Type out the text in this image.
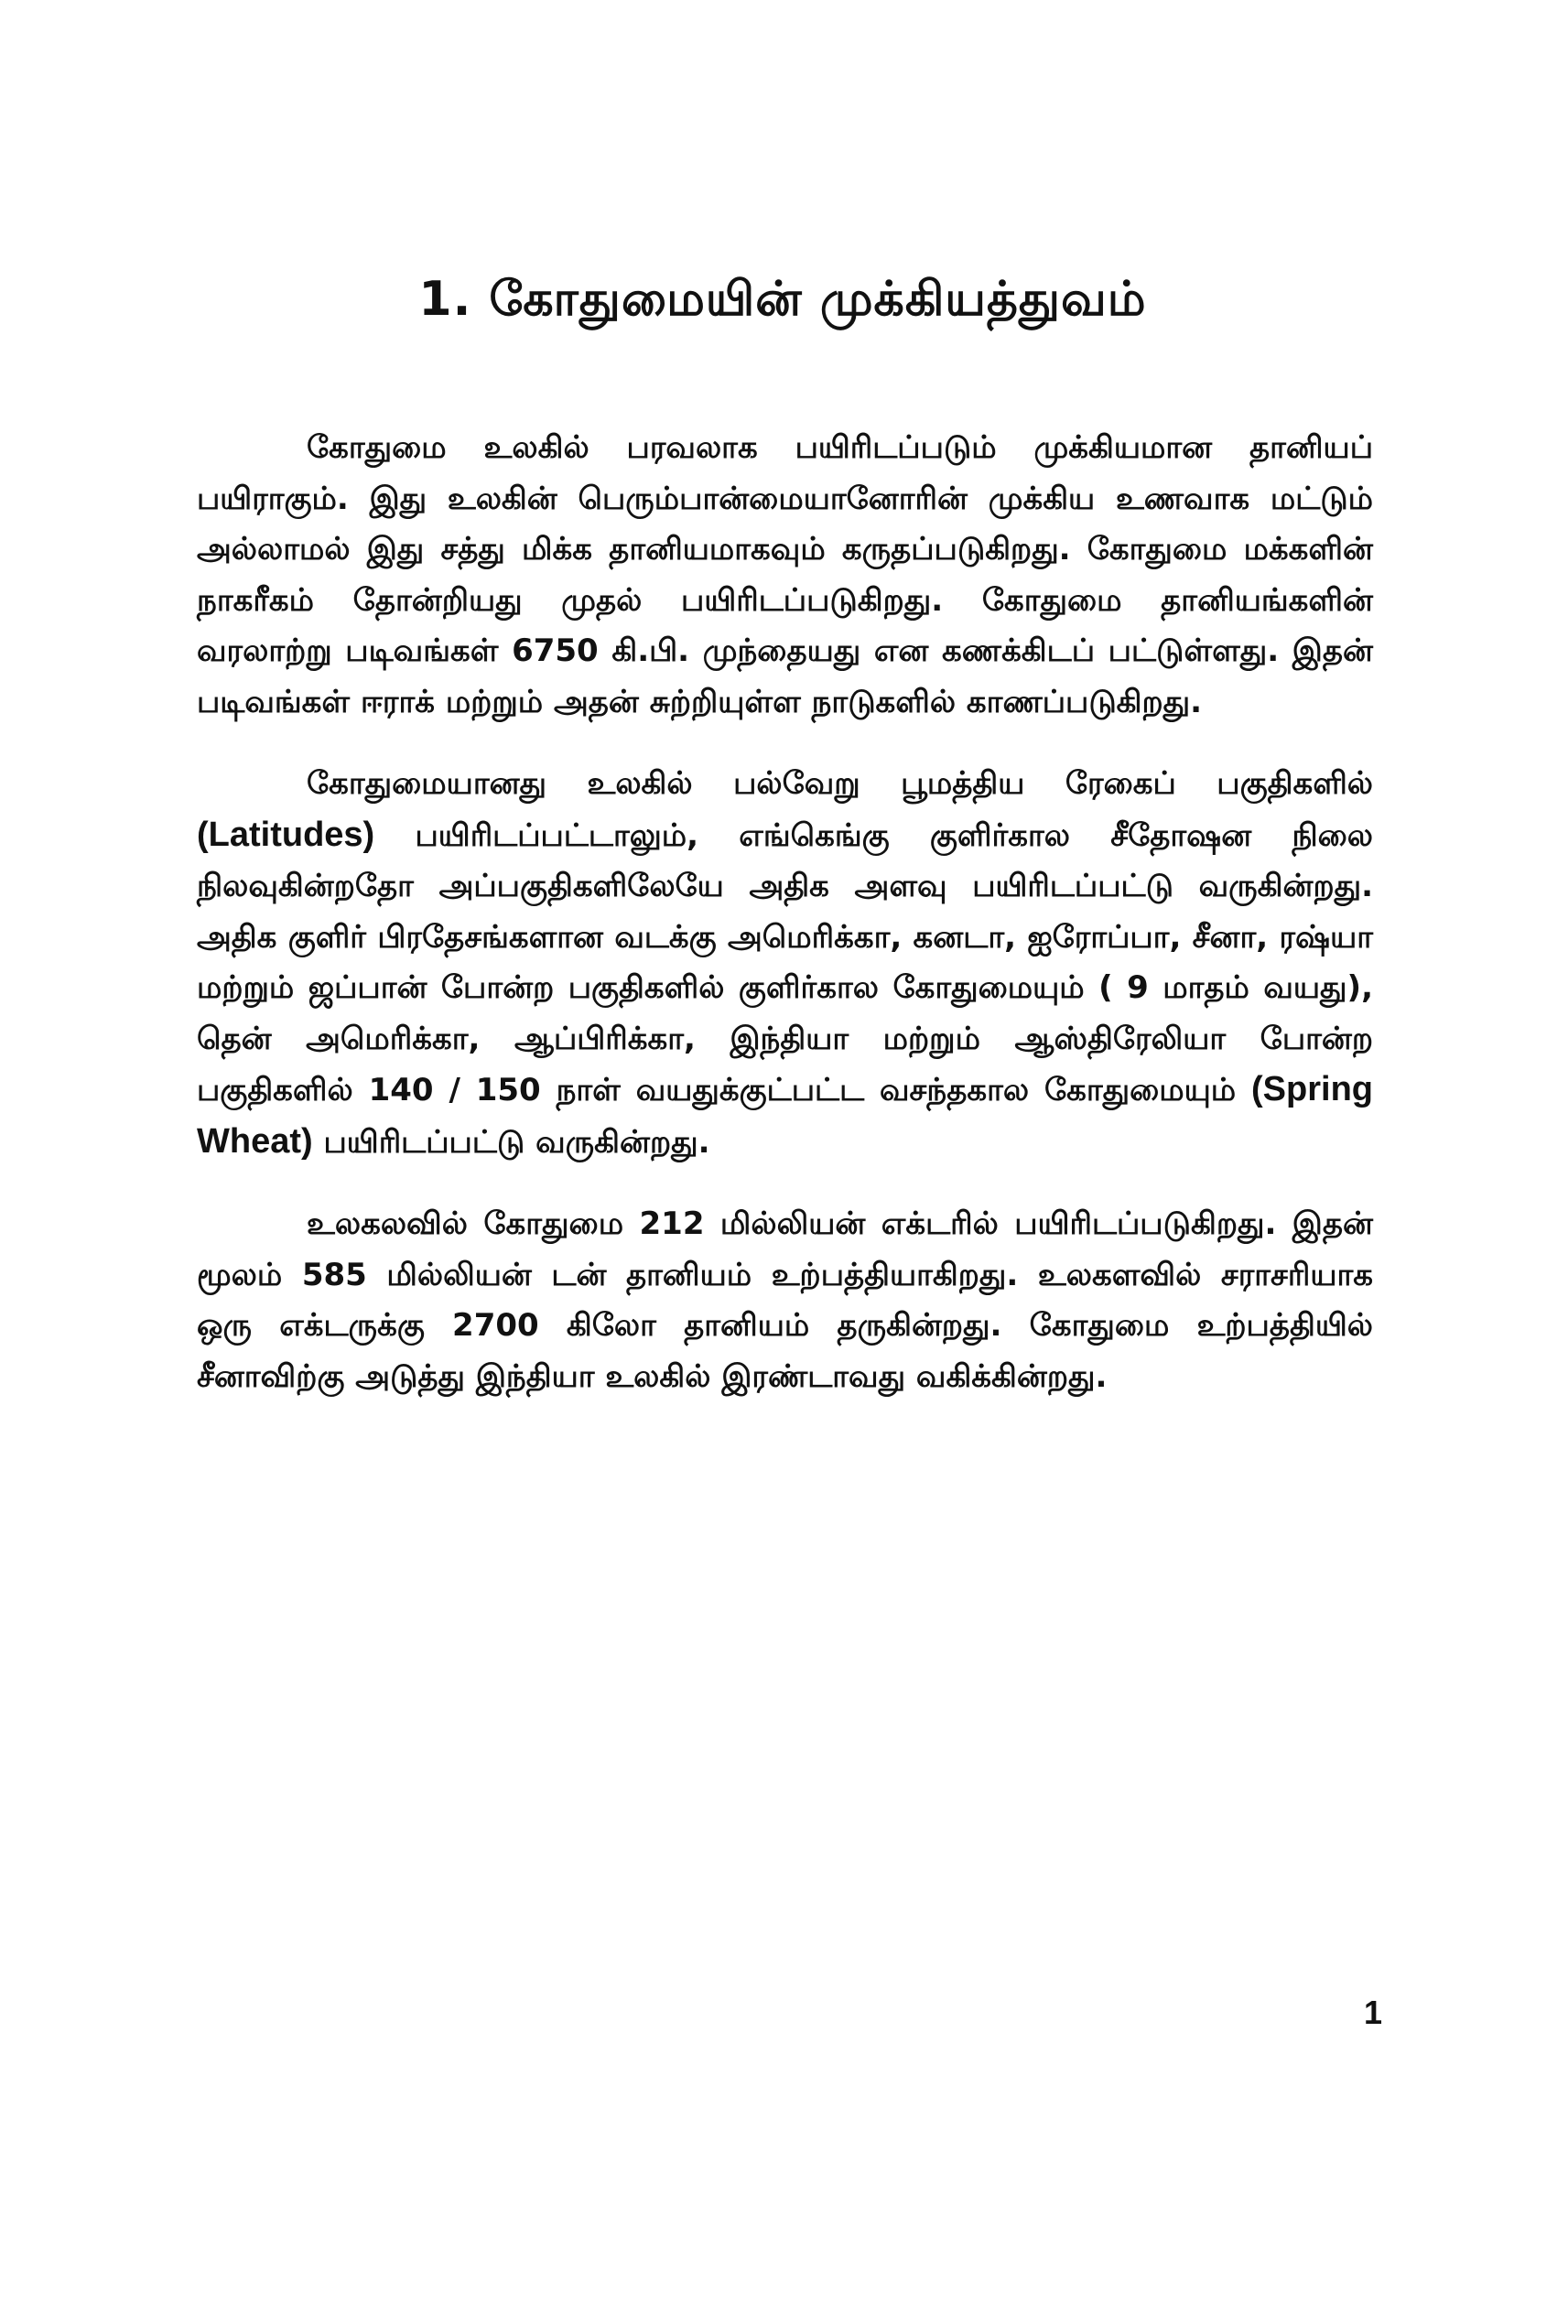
1. கோதுமையின் முக்கியத்துவம்

கோதுமை உலகில் பரவலாக பயிரிடப்படும் முக்கியமான தானியப் பயிராகும். இது உலகின் பெரும்பான்மையானோரின் முக்கிய உணவாக மட்டும் அல்லாமல் இது சத்து மிக்க தானியமாகவும் கருதப்படுகிறது. கோதுமை மக்களின் நாகரீகம் தோன்றியது முதல் பயிரிடப்படுகிறது. கோதுமை தானியங்களின் வரலாற்று படிவங்கள் 6750 கி.பி. முந்தையது என கணக்கிடப் பட்டுள்ளது. இதன் படிவங்கள் ஈராக் மற்றும் அதன் சுற்றியுள்ள நாடுகளில் காணப்படுகிறது.

கோதுமையானது உலகில் பல்வேறு பூமத்திய ரேகைப் பகுதிகளில் (Latitudes) பயிரிடப்பட்டாலும், எங்கெங்கு குளிர்கால சீதோஷன நிலை நிலவுகின்றதோ அப்பகுதிகளிலேயே அதிக அளவு பயிரிடப்பட்டு வருகின்றது. அதிக குளிர் பிரதேசங்களான வடக்கு அமெரிக்கா, கனடா, ஐரோப்பா, சீனா, ரஷ்யா மற்றும் ஜப்பான் போன்ற பகுதிகளில் குளிர்கால கோதுமையும் ( 9 மாதம் வயது), தென் அமெரிக்கா, ஆப்பிரிக்கா, இந்தியா மற்றும் ஆஸ்திரேலியா போன்ற பகுதிகளில் 140 / 150 நாள் வயதுக்குட்பட்ட வசந்தகால கோதுமையும் (Spring Wheat) பயிரிடப்பட்டு வருகின்றது.

உலகலவில் கோதுமை 212 மில்லியன் எக்டரில் பயிரிடப்படுகிறது. இதன் மூலம் 585 மில்லியன் டன் தானியம் உற்பத்தியாகிறது. உலகளவில் சராசரியாக ஒரு எக்டருக்கு 2700 கிலோ தானியம் தருகின்றது. கோதுமை உற்பத்தியில் சீனாவிற்கு அடுத்து இந்தியா உலகில் இரண்டாவது வகிக்கின்றது.

1
